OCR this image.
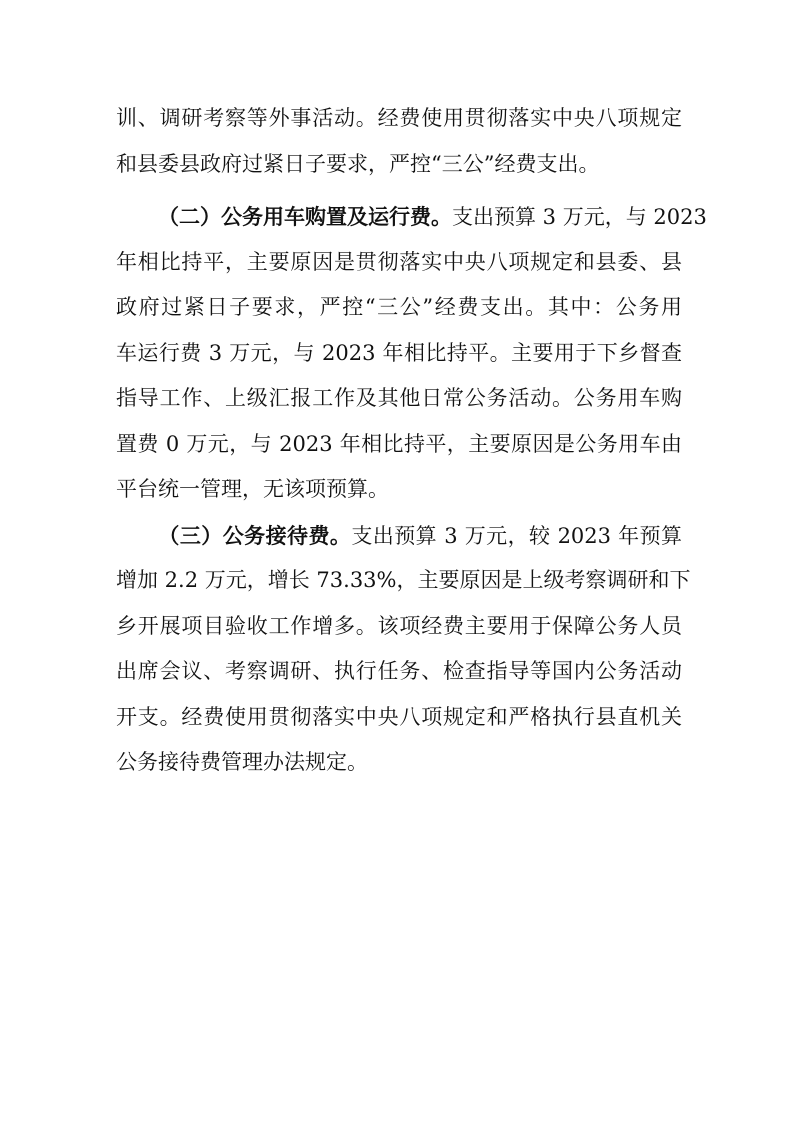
训、调研考察等外事活动。经费使用贯彻落实中央八项规定
和县委县政府过紧日子要求，严控“三公”经费支出。
（二）公务用车购置及运行费。支出预算 3 万元，与 2023
年相比持平，主要原因是贯彻落实中央八项规定和县委、县
政府过紧日子要求，严控“三公”经费支出。其中：公务用
车运行费 3 万元，与 2023 年相比持平。主要用于下乡督查
指导工作、上级汇报工作及其他日常公务活动。公务用车购
置费 0 万元，与 2023 年相比持平，主要原因是公务用车由
平台统一管理，无该项预算。
（三）公务接待费。支出预算 3 万元，较 2023 年预算
增加 2.2 万元，增长 73.33%，主要原因是上级考察调研和下
乡开展项目验收工作增多。该项经费主要用于保障公务人员
出席会议、考察调研、执行任务、检查指导等国内公务活动
开支。经费使用贯彻落实中央八项规定和严格执行县直机关
公务接待费管理办法规定。
